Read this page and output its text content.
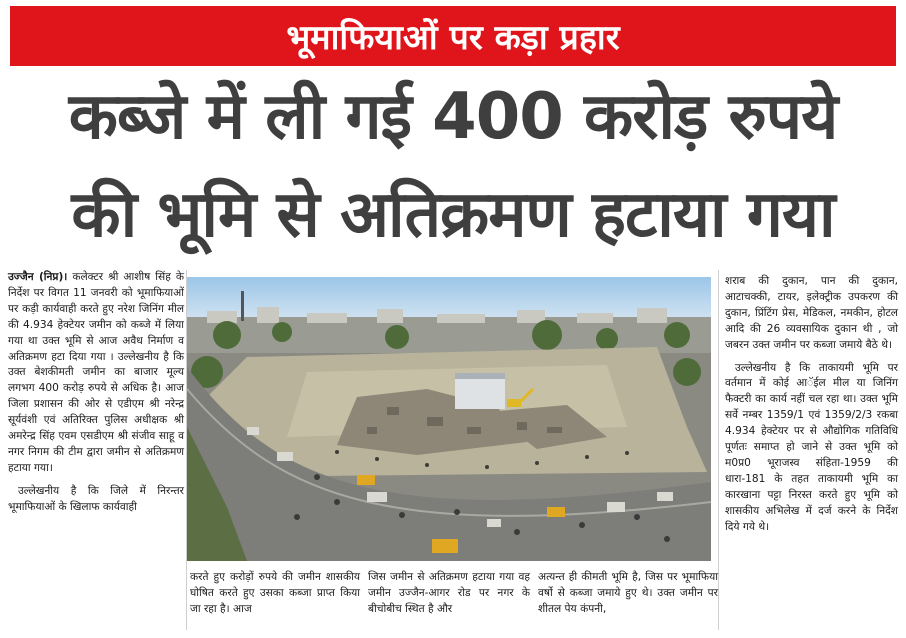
भूमाफियाओं पर कड़ा प्रहार
कब्जे में ली गई 400 करोड़ रुपये
की भूमि से अतिक्रमण हटाया गया

उज्जैन (निप्र)। कलेक्टर श्री आशीष सिंह के निर्देश पर विगत 11 जनवरी को भूमाफियाओं पर कड़ी कार्यवाही करते हुए नरेश जिनिंग मील की 4.934 हेक्टेयर जमीन को कब्जे में लिया गया था उक्त भूमि से आज अवैध निर्माण व अतिक्रमण हटा दिया गया । उल्लेखनीय है कि उक्त बेशकीमती जमीन का बाजार मूल्य लगभग 400 करोड़ रुपये से अधिक है। आज जिला प्रशासन की ओर से एडीएम श्री नरेन्द्र सूर्यवंशी एवं अतिरिक्त पुलिस अधीक्षक श्री अमरेन्द्र सिंह एवम एसडीएम श्री संजीव साहू व नगर निगम की टीम द्वारा जमीन से अतिक्रमण हटाया गया।

उल्लेखनीय है कि जिले में निरन्तर भूमाफियाओं के खिलाफ कार्यवाही

करते हुए करोड़ों रुपये की जमीन शासकीय घोषित करते हुए उसका कब्जा प्राप्त किया जा रहा है। आज
जिस जमीन से अतिक्रमण हटाया गया वह जमीन उज्जैन-आगर रोड पर नगर के बीचोबीच स्थित है और
अत्यन्त ही कीमती भूमि है, जिस पर भूमाफिया वर्षो से कब्जा जमाये हुए थे। उक्त जमीन पर शीतल पेय कंपनी,

शराब की दुकान, पान की दुकान, आटाचक्की, टायर, इलेक्ट्रीक उपकरण की दुकान, प्रिंटिंग प्रेस, मेडिकल, नमकीन, होटल आदि की 26 व्यवसायिक दुकान थी , जो जबरन उक्त जमीन पर कब्जा जमाये बैठे थे।

उल्लेखनीय है कि ताकायमी भूमि पर वर्तमान में कोई आॅईल मील या जिनिंग फैक्टरी का कार्य नहीं चल रहा था। उक्त भूमि सर्वे नम्बर 1359/1 एवं 1359/2/3 रकबा 4.934 हेक्टेयर पर से औद्योगिक गतिविधि पूर्णतः समाप्त हो जाने से उक्त भूमि को म0प्र0 भूराजस्व संहिता-1959 की धारा-181 के तहत ताकायमी भूमि का कारखाना पट्टा निरस्त करते हुए भूमि को शासकीय अभिलेख में दर्ज करने के निर्देश दिये गये थे।
